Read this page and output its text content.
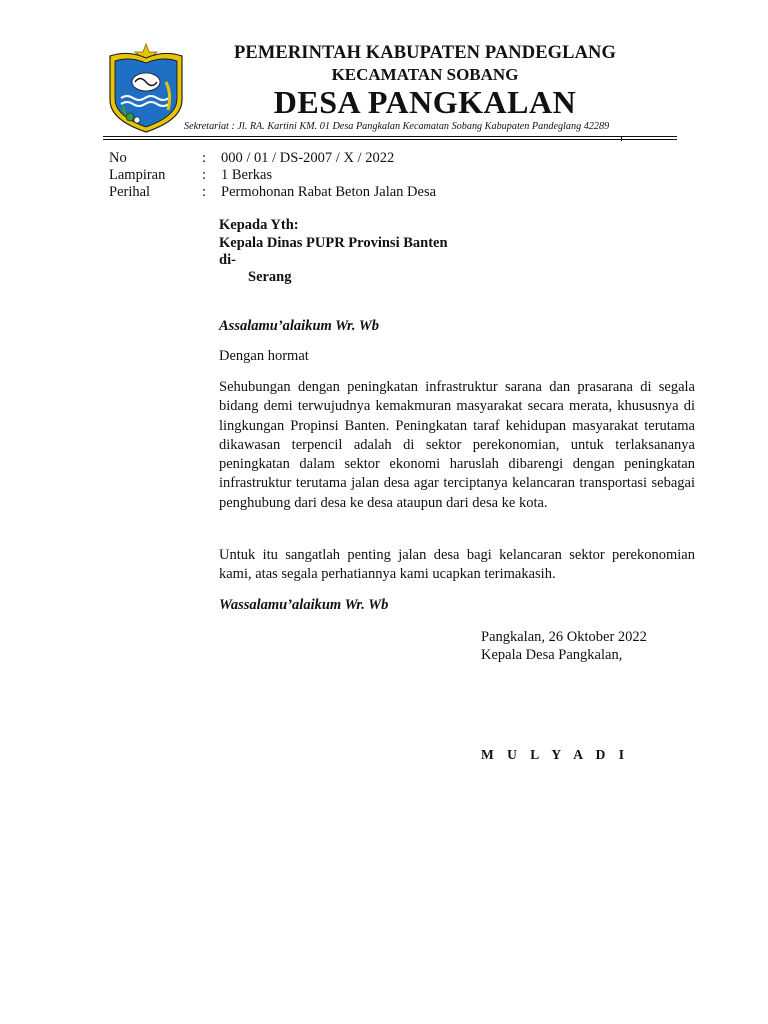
PEMERINTAH KABUPATEN PANDEGLANG
KECAMATAN SOBANG
DESA PANGKALAN
Sekretariat : Jl. RA. Kartini KM. 01 Desa Pangkalan Kecamatan Sobang Kabupaten Pandeglang 42289
No	: 000 / 01 / DS-2007 / X / 2022
Lampiran	: 1 Berkas
Perihal	: Permohonan Rabat Beton Jalan Desa
Kepada Yth:
Kepala Dinas PUPR Provinsi Banten
di-
Serang
Assalamu’alaikum Wr. Wb
Dengan hormat
Sehubungan dengan peningkatan infrastruktur sarana dan prasarana di segala bidang demi terwujudnya kemakmuran masyarakat secara merata, khususnya di lingkungan Propinsi Banten. Peningkatan taraf kehidupan masyarakat terutama dikawasan terpencil adalah di sektor perekonomian, untuk terlaksananya peningkatan dalam sektor ekonomi haruslah dibarengi dengan peningkatan infrastruktur terutama jalan desa agar terciptanya kelancaran transportasi sebagai penghubung dari desa ke desa ataupun dari desa ke kota.
Untuk itu sangatlah penting jalan desa bagi kelancaran sektor perekonomian kami, atas segala perhatiannya kami ucapkan terimakasih.
Wassalamu’alaikum Wr. Wb
Pangkalan, 26 Oktober 2022
Kepala Desa Pangkalan,
M U L Y A D I
